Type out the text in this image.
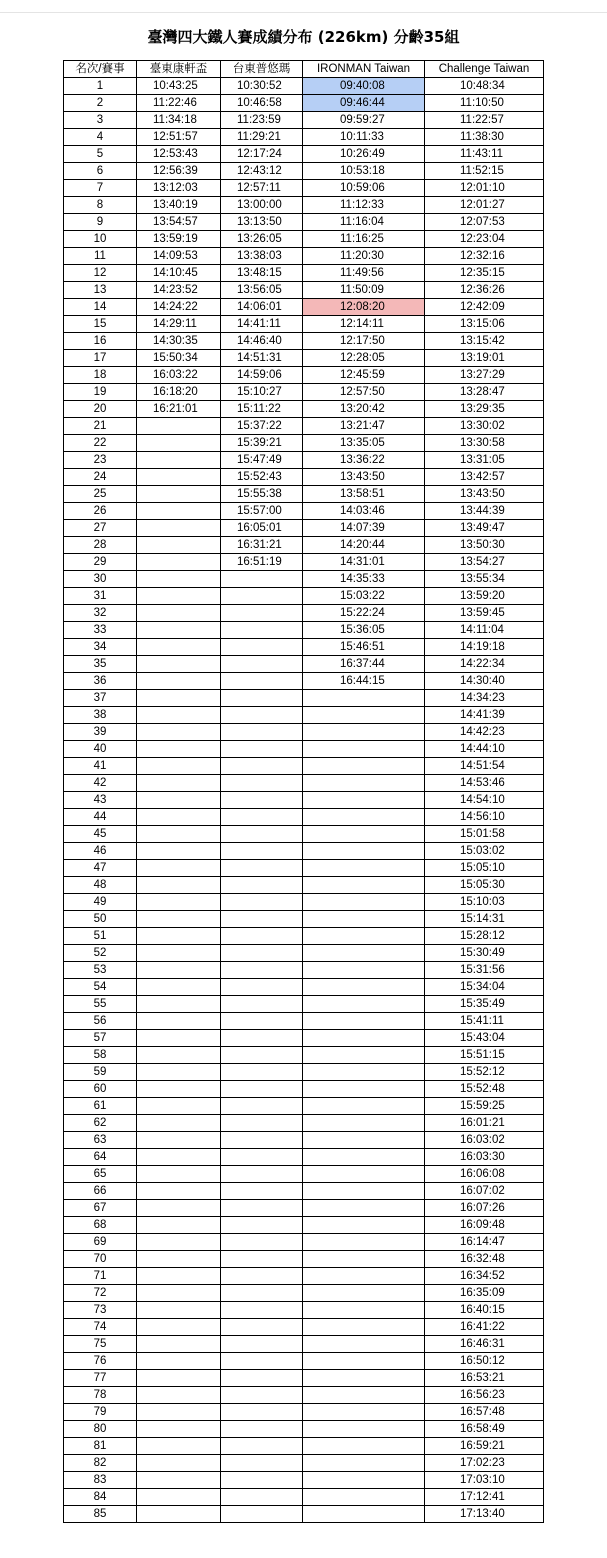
臺灣四大鐵人賽成績分布 (226km) 分齡35組
名次/賽事	臺東康軒盃	台東普悠瑪	IRONMAN Taiwan	Challenge Taiwan
1	10:43:25	10:30:52	09:40:08	10:48:34
2	11:22:46	10:46:58	09:46:44	11:10:50
3	11:34:18	11:23:59	09:59:27	11:22:57
4	12:51:57	11:29:21	10:11:33	11:38:30
5	12:53:43	12:17:24	10:26:49	11:43:11
6	12:56:39	12:43:12	10:53:18	11:52:15
7	13:12:03	12:57:11	10:59:06	12:01:10
8	13:40:19	13:00:00	11:12:33	12:01:27
9	13:54:57	13:13:50	11:16:04	12:07:53
10	13:59:19	13:26:05	11:16:25	12:23:04
11	14:09:53	13:38:03	11:20:30	12:32:16
12	14:10:45	13:48:15	11:49:56	12:35:15
13	14:23:52	13:56:05	11:50:09	12:36:26
14	14:24:22	14:06:01	12:08:20	12:42:09
15	14:29:11	14:41:11	12:14:11	13:15:06
16	14:30:35	14:46:40	12:17:50	13:15:42
17	15:50:34	14:51:31	12:28:05	13:19:01
18	16:03:22	14:59:06	12:45:59	13:27:29
19	16:18:20	15:10:27	12:57:50	13:28:47
20	16:21:01	15:11:22	13:20:42	13:29:35
21		15:37:22	13:21:47	13:30:02
22		15:39:21	13:35:05	13:30:58
23		15:47:49	13:36:22	13:31:05
24		15:52:43	13:43:50	13:42:57
25		15:55:38	13:58:51	13:43:50
26		15:57:00	14:03:46	13:44:39
27		16:05:01	14:07:39	13:49:47
28		16:31:21	14:20:44	13:50:30
29		16:51:19	14:31:01	13:54:27
30			14:35:33	13:55:34
31			15:03:22	13:59:20
32			15:22:24	13:59:45
33			15:36:05	14:11:04
34			15:46:51	14:19:18
35			16:37:44	14:22:34
36			16:44:15	14:30:40
37				14:34:23
38				14:41:39
39				14:42:23
40				14:44:10
41				14:51:54
42				14:53:46
43				14:54:10
44				14:56:10
45				15:01:58
46				15:03:02
47				15:05:10
48				15:05:30
49				15:10:03
50				15:14:31
51				15:28:12
52				15:30:49
53				15:31:56
54				15:34:04
55				15:35:49
56				15:41:11
57				15:43:04
58				15:51:15
59				15:52:12
60				15:52:48
61				15:59:25
62				16:01:21
63				16:03:02
64				16:03:30
65				16:06:08
66				16:07:02
67				16:07:26
68				16:09:48
69				16:14:47
70				16:32:48
71				16:34:52
72				16:35:09
73				16:40:15
74				16:41:22
75				16:46:31
76				16:50:12
77				16:53:21
78				16:56:23
79				16:57:48
80				16:58:49
81				16:59:21
82				17:02:23
83				17:03:10
84				17:12:41
85				17:13:40
